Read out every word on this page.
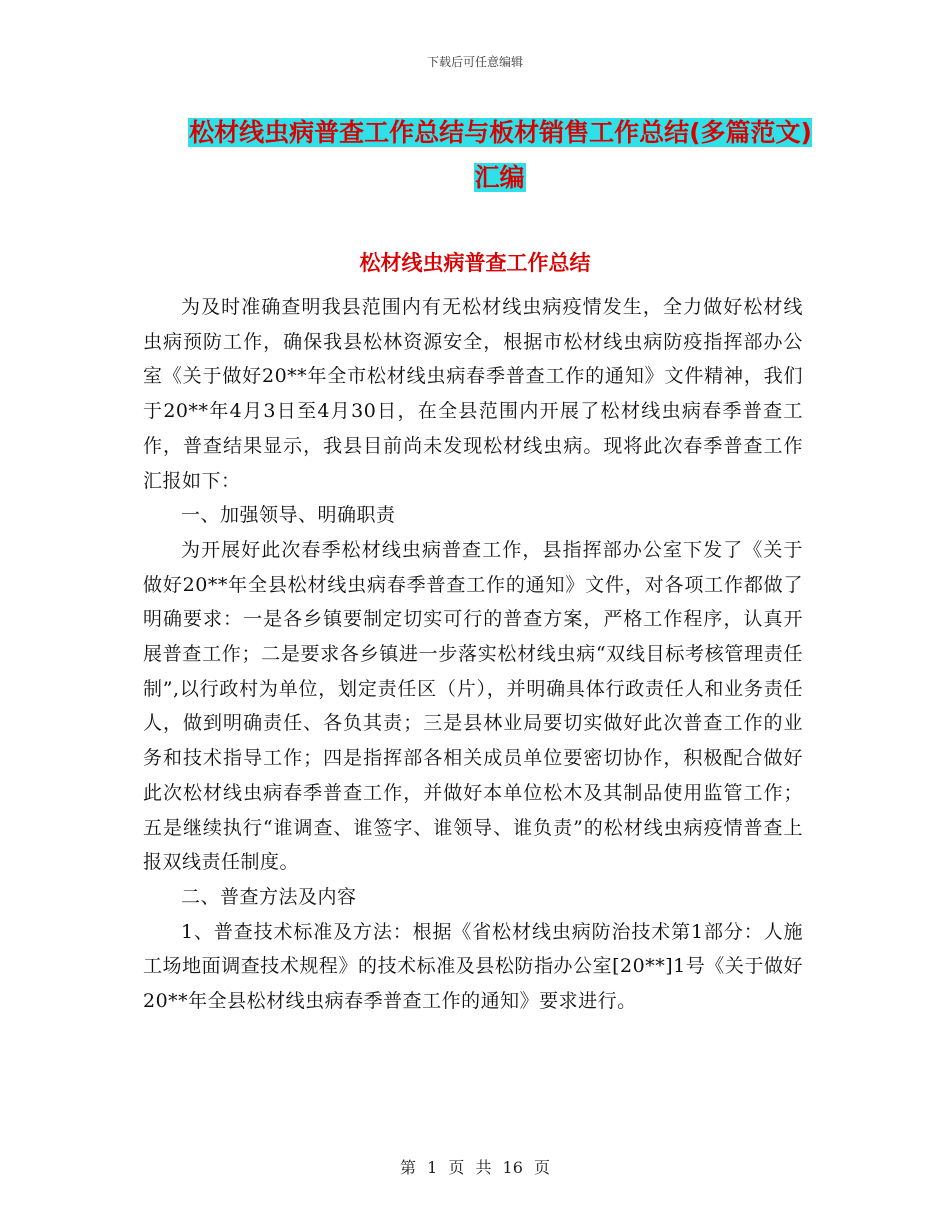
下载后可任意编辑
松材线虫病普查工作总结与板材销售工作总结(多篇范文)汇编
松材线虫病普查工作总结

为及时准确查明我县范围内有无松材线虫病疫情发生，全力做好松材线虫病预防工作，确保我县松林资源安全，根据市松材线虫病防疫指挥部办公室《关于做好20**年全市松材线虫病春季普查工作的通知》文件精神，我们于20**年4月3日至4月30日，在全县范围内开展了松材线虫病春季普查工作，普查结果显示，我县目前尚未发现松材线虫病。现将此次春季普查工作汇报如下：

一、加强领导、明确职责

为开展好此次春季松材线虫病普查工作，县指挥部办公室下发了《关于做好20**年全县松材线虫病春季普查工作的通知》文件，对各项工作都做了明确要求：一是各乡镇要制定切实可行的普查方案，严格工作程序，认真开展普查工作；二是要求各乡镇进一步落实松材线虫病“双线目标考核管理责任制”,以行政村为单位，划定责任区（片），并明确具体行政责任人和业务责任人，做到明确责任、各负其责；三是县林业局要切实做好此次普查工作的业务和技术指导工作；四是指挥部各相关成员单位要密切协作，积极配合做好此次松材线虫病春季普查工作，并做好本单位松木及其制品使用监管工作；五是继续执行“谁调查、谁签字、谁领导、谁负责”的松材线虫病疫情普查上报双线责任制度。

二、普查方法及内容

1、普查技术标准及方法：根据《省松材线虫病防治技术第1部分：人施工场地面调查技术规程》的技术标准及县松防指办公室[20**]1号《关于做好20**年全县松材线虫病春季普查工作的通知》要求进行。

第 1 页 共 16 页
